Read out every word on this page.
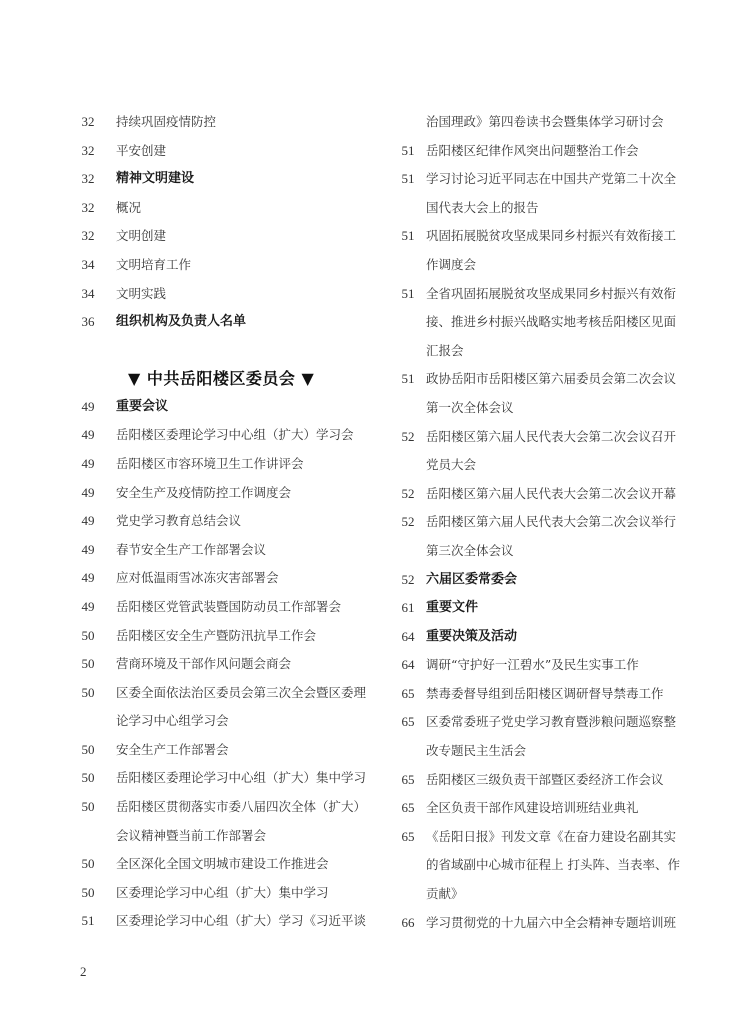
32	持续巩固疫情防控
32	平安创建
32	精神文明建设
32	概况
32	文明创建
34	文明培育工作
34	文明实践
36	组织机构及负责人名单
▼ 中共岳阳楼区委员会 ▼
49	重要会议
49	岳阳楼区委理论学习中心组（扩大）学习会
49	岳阳楼区市容环境卫生工作讲评会
49	安全生产及疫情防控工作调度会
49	党史学习教育总结会议
49	春节安全生产工作部署会议
49	应对低温雨雪冰冻灾害部署会
49	岳阳楼区党管武装暨国防动员工作部署会
50	岳阳楼区安全生产暨防汛抗旱工作会
50	营商环境及干部作风问题会商会
50	区委全面依法治区委员会第三次全会暨区委理
论学习中心组学习会
50	安全生产工作部署会
50	岳阳楼区委理论学习中心组（扩大）集中学习
50	岳阳楼区贯彻落实市委八届四次全体（扩大）
会议精神暨当前工作部署会
50	全区深化全国文明城市建设工作推进会
50	区委理论学习中心组（扩大）集中学习
51	区委理论学习中心组（扩大）学习《习近平谈
治国理政》第四卷读书会暨集体学习研讨会
51 岳阳楼区纪律作风突出问题整治工作会
51 学习讨论习近平同志在中国共产党第二十次全
国代表大会上的报告
51 巩固拓展脱贫攻坚成果同乡村振兴有效衔接工
作调度会
51 全省巩固拓展脱贫攻坚成果同乡村振兴有效衔
接、推进乡村振兴战略实地考核岳阳楼区见面
汇报会
51 政协岳阳市岳阳楼区第六届委员会第二次会议
第一次全体会议
52 岳阳楼区第六届人民代表大会第二次会议召开
党员大会
52 岳阳楼区第六届人民代表大会第二次会议开幕
52 岳阳楼区第六届人民代表大会第二次会议举行
第三次全体会议
52 六届区委常委会
61 重要文件
64 重要决策及活动
64 调研“守护好一江碧水”及民生实事工作
65 禁毒委督导组到岳阳楼区调研督导禁毒工作
65 区委常委班子党史学习教育暨涉粮问题巡察整
改专题民主生活会
65 岳阳楼区三级负责干部暨区委经济工作会议
65 全区负责干部作风建设培训班结业典礼
65 《岳阳日报》刊发文章《在奋力建设名副其实
的省域副中心城市征程上 打头阵、当表率、作
贡献》
66 学习贯彻党的十九届六中全会精神专题培训班
2
